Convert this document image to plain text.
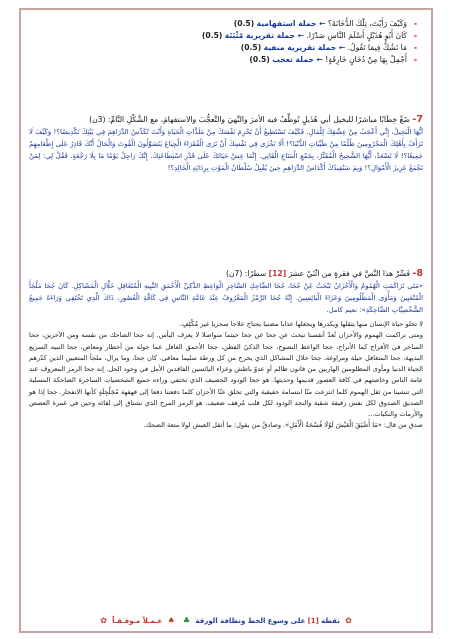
-
وَكَيْفَ رَأَيْتَ، تِلْكَ الدُّخَانَةَ؟ ← جملة استفهامية (0.5)
-
كَانَ أَبُو هُذَيْلٍ أَسْلَمَ النَّاسِ صَدْرًا. ← جملة تقريرية مُثْبَتَة (0.5)
-
مَا تَشُكُّ فِيمَا تَقُولُ. ← جملة تقريرية منفية (0.5)
-
أَجْمِلْ بِهَا مِنْ دُخَانٍ خَارِقَةٍ! ← جملة تعجب (0.5)
7- صُغْ خِطَابًا مباشرًا للبخيل أبي هُذَيلٍ تُوظِّفُ فيه الأمرَ والنَّهيَ والتَّعجُّبَ والاستفهامَ، مع الشَّكْلِ التَّامِّ: (3ن)
أيُّهَا الْبَخِيلُ، إِنِّي أَعْجَبُ مِنْ عِشْقِكَ لِلْمَالِ. فَكَيْفَ تَسْتَطِيعُ أَنْ تَحْرِمَ نَفْسَكَ مِنْ مَلَذَّاتِ الْحَيَاةِ وَأَنْتَ تُكَدِّسُ الدَّرَاهِمَ فِي بَيْتِكَ تَكْدِيسًا؟! وَكَيْفَ لَا تَرَأَفُ بِأَهْلِكَ الْمَحْرُومِينَ ظُلْمًا مِنْ طَيِّبَاتِ الدُّنْيَا؟! أَلَا تَخْزَى فِي نَفْسِكَ أَنْ تَرَى الْفُقَرَاءَ الْجِيَاعَ يَتَسَوَّلُونَ الْقُوتَ وَالْحَالُ أَنَّكَ قَادِرٌ عَلَى إِطْعَامِهِمْ جَمِيعًا؟! لَا تَسْعَدْ، أَيُّهَا الشَّحِيحُ الْمُقَتِّرُ، بِجَمْعِ الْمَتَاعِ الْفَانِي. إِنَّمَا عِشْ حَيَاتَكَ عَلَى قَدْرِ اسْتِطَاعَتِكَ. إِنَّكَ رَاحِلٌ يَوْمًا مَا بِلَا رَجْعَةٍ. فَقُلْ لِي: لِمَنْ تَجْمَعُ عَزِيزَ الْأَمْوَالِ؟! وَبِمَ سَتُفِيدُكَ أَكْدَاسُ الدَّرَاهِمِ حِينَ يُقْبِلُ سُلْطَانُ الْمَوْتِ بِرِدَائِهِ الْخَالِدِ؟!
8- فَسِّرْ هذا النَّصَّ في فقرةٍ من اثْنَيْ عشرَ [12] سطرًا: (7ن)
«مَتَى تَرَاكَمَتِ الْهُمُومُ وَالْأَحْزَانُ تَبْحَثُ عَنْ جُحَا، جُحَا الضَّاحِكِ السَّاخِرِ الْوَاعِظِ الذَّكِيِّ الْأَحْمَقِ النَّبِيهِ الْمُتَغَافِلِ خَلَّالِ الْمَشَاكِلِ. كَانَ جُحَا مَلْجَأَ الْمُتْعَبِينَ وَمَأْوَى الْمَظْلُومِينَ وَعَزَاءَ الْيَائِسِينَ. إِنَّهُ جُحَا الرَّمْزُ الْمَعْرُوفُ عِنْدَ عَامَّةِ النَّاسِ فِي كَافَّةِ الْعُصُورِ، ذَاكَ الَّذِي تَخْتَفِي وَرَاءَهُ جَمِيعُ الشَّخْصِيَّاتِ الضَّاحِكَةِ»: نعيم كامل.
لا تخلو حياة الإنسان منها يثقلها ويكدرها ويجعلها عذابا مضنيا يحتاج علاجا سحريا غير مُكْلِفٍ.
ومتى تراكمت الهموم والأحزان تُعدّ أنفسنا تبحث عن جحا عن جحا حيثما متواصلا لا يعرف اليأس. إنه جحا الضاحك من نفسه ومن الآخرين، جحا الساخر في الأفراح كما الأتراح، جحا الواعظ النصوح، جحا الذكيّ الفطن، جحا الأحمق الغافل عما حوله من أخطار ومعاص، جحا النبيه السريع البديهة، جحا المتغافل حيلة ومراوغة، جحا خلال المشاكل الذي يخرج من كل ورطة سليما معافى. كان جحا، وما يزال، ملجأ المتعبين الذين كدّرهم الحياة الدنيا ومأوى المظلومين الهاربين من قانون ظالم أو عدوّ باطش وعزاء اليائسين الفاقدين الأمل في وجود الحل. إنه جحا الرمز المعروف عند عامة الناس وخاصتهم في كافة العصور قديمها وحديثها. هو جحا الودود الحصيف الذي تختفي وراءه جميع الشخصيات الساخرة الضاحكة المسلية التي تنشينا من ثقل الهموم كلما انتزعت منّا ابتسامة حقيقية والتي تخلق عنّا الأحزان كلما دفعتنا دفعا إلى قهقهة مُجَلْجِلَةٍ كأنها الانفجار. جحا إذا هو الصديق الصدوق لكل نفس رقيقة شقية والنجد الودود لكل قلب مُرهف ضعيف. هو الرمز المرح الذي نشتاق إلى لقائه وحين في غمرة العصص والأزمات والنكبات...
صدق من قال: «مَا أَضْيَقَ الْعَيْشَ لَوْلَا فُسْحَةُ الْأَمَلِ». وصادقٌ من يقول: ما أثقل العيش لولا متعة الضحك.
✿ نقطة [1] على وسوع الخط ونظافة الورقة ♣ ♠ عـمـلاً مـوفـقـاً ✿
